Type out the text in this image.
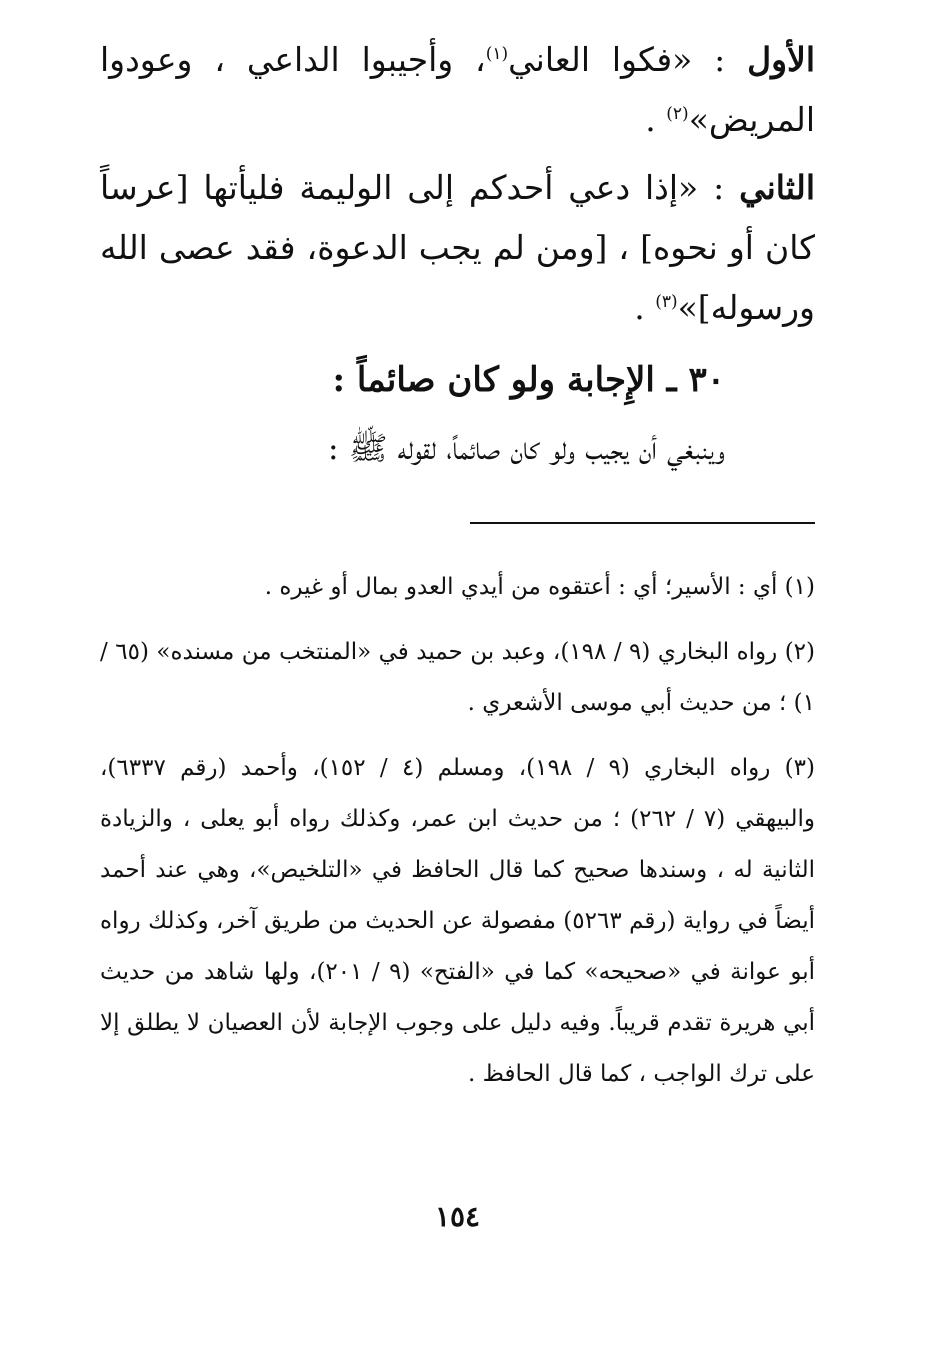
الأول : «فكوا العاني$^{(١)}$، وأجيبوا الداعي ، وعودوا المريض»$^{(٢)}$ .

الثاني : «إذا دعي أحدكم إلى الوليمة فليأتها [عرساً كان أو نحوه] ، [ومن لم يجب الدعوة، فقد عصى الله ورسوله]»$^{(٣)}$ .

٣٠ ـ الإِجابة ولو كان صائماً :
وينبغي أن يجيب ولو كان صائماً، لقوله ﷺ :

(١) أي : الأسير؛ أي : أعتقوه من أيدي العدو بمال أو غيره .

(٢) رواه البخاري (٩ / ١٩٨)، وعبد بن حميد في «المنتخب من مسنده» (٦٥ / ١) ؛ من حديث أبي موسى الأشعري .

(٣) رواه البخاري (٩ / ١٩٨)، ومسلم (٤ / ١٥٢)، وأحمد (رقم ٦٣٣٧)، والبيهقي (٧ / ٢٦٢) ؛ من حديث ابن عمر، وكذلك رواه أبو يعلى ، والزيادة الثانية له ، وسندها صحيح كما قال الحافظ في «التلخيص»، وهي عند أحمد أيضاً في رواية (رقم ٥٢٦٣) مفصولة عن الحديث من طريق آخر، وكذلك رواه أبو عوانة في «صحيحه» كما في «الفتح» (٩ / ٢٠١)، ولها شاهد من حديث أبي هريرة تقدم قريباً. وفيه دليل على وجوب الإجابة لأن العصيان لا يطلق إلا على ترك الواجب ، كما قال الحافظ .

١٥٤
